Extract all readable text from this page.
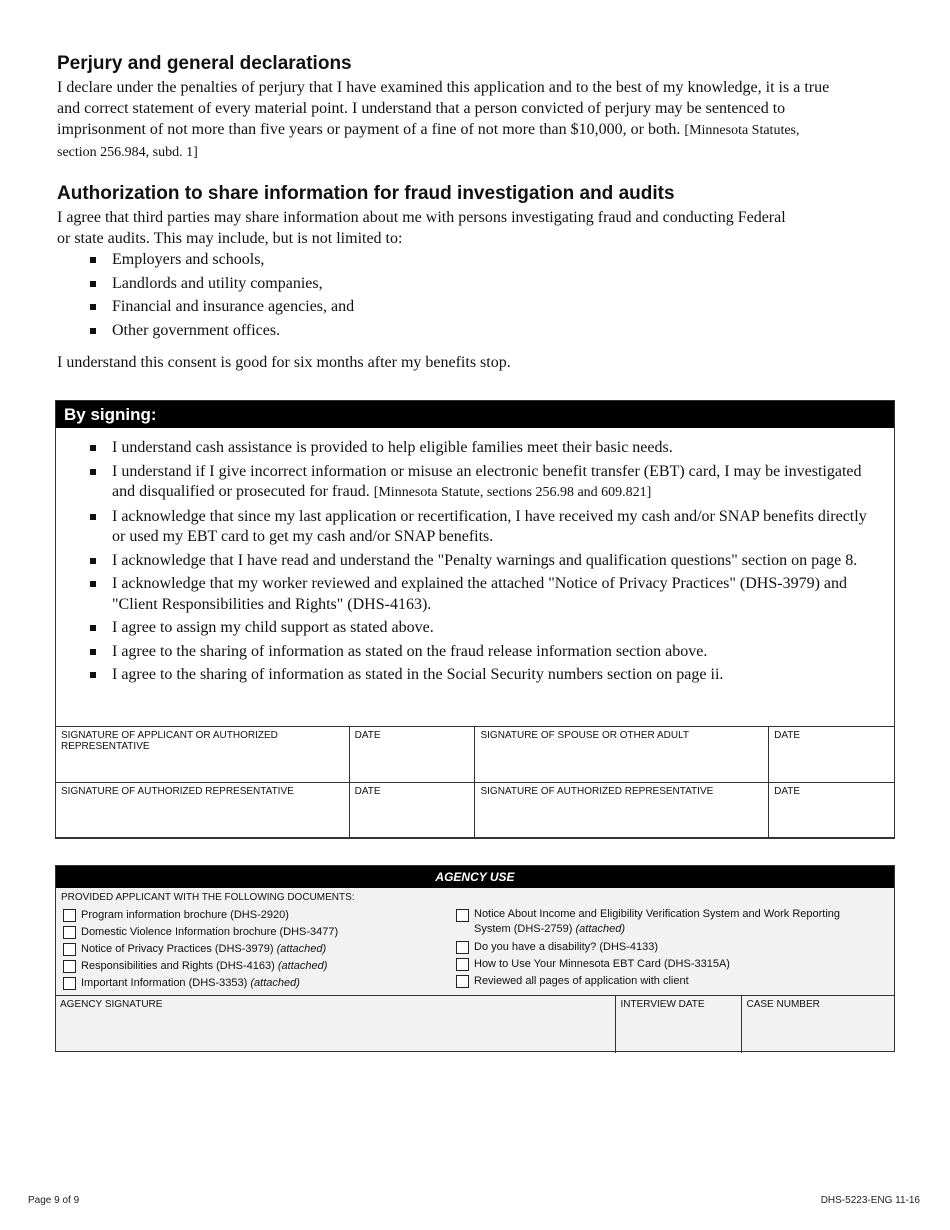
Perjury and general declarations
I declare under the penalties of perjury that I have examined this application and to the best of my knowledge, it is a true and correct statement of every material point. I understand that a person convicted of perjury may be sentenced to imprisonment of not more than five years or payment of a fine of not more than $10,000, or both. [Minnesota Statutes, section 256.984, subd. 1]
Authorization to share information for fraud investigation and audits
I agree that third parties may share information about me with persons investigating fraud and conducting Federal or state audits. This may include, but is not limited to:
Employers and schools,
Landlords and utility companies,
Financial and insurance agencies, and
Other government offices.
I understand this consent is good for six months after my benefits stop.
By signing:
I understand cash assistance is provided to help eligible families meet their basic needs.
I understand if I give incorrect information or misuse an electronic benefit transfer (EBT) card, I may be investigated and disqualified or prosecuted for fraud. [Minnesota Statute, sections 256.98 and 609.821]
I acknowledge that since my last application or recertification, I have received my cash and/or SNAP benefits directly or used my EBT card to get my cash and/or SNAP benefits.
I acknowledge that I have read and understand the "Penalty warnings and qualification questions" section on page 8.
I acknowledge that my worker reviewed and explained the attached "Notice of Privacy Practices" (DHS-3979) and "Client Responsibilities and Rights" (DHS-4163).
I agree to assign my child support as stated above.
I agree to the sharing of information as stated on the fraud release information section above.
I agree to the sharing of information as stated in the Social Security numbers section on page ii.
SIGNATURE OF APPLICANT OR AUTHORIZED REPRESENTATIVE	DATE	SIGNATURE OF SPOUSE OR OTHER ADULT	DATE
SIGNATURE OF AUTHORIZED REPRESENTATIVE	DATE	SIGNATURE OF AUTHORIZED REPRESENTATIVE	DATE
AGENCY USE
PROVIDED APPLICANT WITH THE FOLLOWING DOCUMENTS:
Program information brochure (DHS-2920)
Domestic Violence Information brochure (DHS-3477)
Notice of Privacy Practices (DHS-3979) (attached)
Responsibilities and Rights (DHS-4163) (attached)
Important Information (DHS-3353) (attached)
Notice About Income and Eligibility Verification System and Work Reporting System (DHS-2759) (attached)
Do you have a disability? (DHS-4133)
How to Use Your Minnesota EBT Card (DHS-3315A)
Reviewed all pages of application with client
AGENCY SIGNATURE	INTERVIEW DATE	CASE NUMBER
Page 9 of 9	DHS-5223-ENG 11-16
